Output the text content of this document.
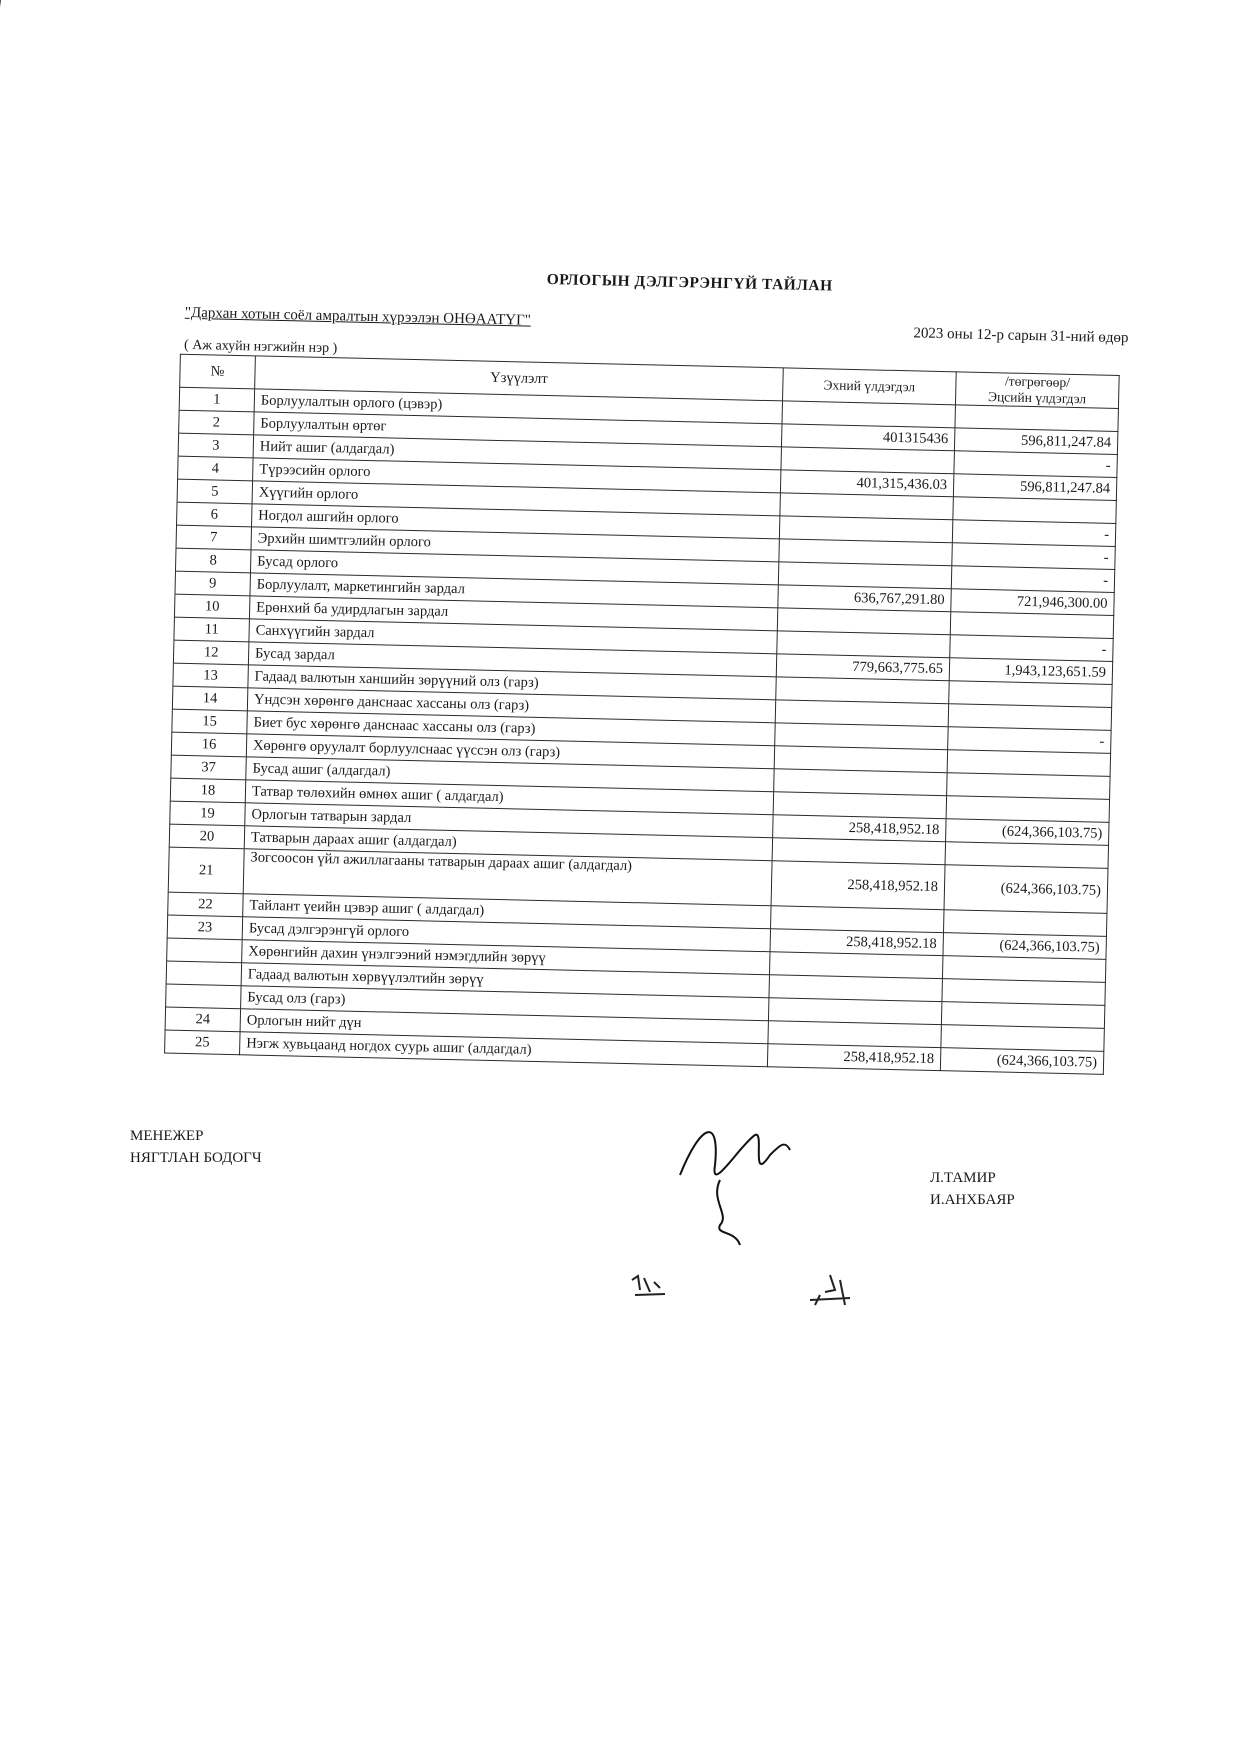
ОРЛОГЫН ДЭЛГЭРЭНГҮЙ ТАЙЛАН
"Дархан хотын соёл амралтын хүрээлэн ОНӨААТҮГ"
2023 оны 12-р сарын 31-ний өдөр
( Аж ахуйн нэгжийн нэр )
№	Үзүүлэлт	Эхний үлдэгдэл	/төгрөгөөр/
Эцсийн үлдэгдэл

1	Борлуулалтын орлого (цэвэр)		
2	Борлуулалтын өртөг	401315436	596,811,247.84
3	Нийт ашиг (алдагдал)		-
4	Түрээсийн орлого	401,315,436.03	596,811,247.84
5	Хүүгийн орлого		
6	Ногдол ашгийн орлого		-
7	Эрхийн шимтгэлийн орлого		-
8	Бусад орлого		-
9	Борлуулалт, маркетингийн зардал	636,767,291.80	721,946,300.00
10	Ерөнхий ба удирдлагын зардал		
11	Санхүүгийн зардал		-
12	Бусад зардал	779,663,775.65	1,943,123,651.59
13	Гадаад валютын ханшийн зөрүүний олз (гарз)		
14	Үндсэн хөрөнгө данснаас хассаны олз (гарз)		
15	Биет бус хөрөнгө данснаас хассаны олз (гарз)		-
16	Хөрөнгө оруулалт борлуулснаас үүссэн олз (гарз)		
37	Бусад ашиг (алдагдал)		
18	Татвар төлөхийн өмнөх ашиг ( алдагдал)		
19	Орлогын татварын зардал	258,418,952.18	(624,366,103.75)
20	Татварын дараах ашиг (алдагдал)		
21	Зогсоосон үйл ажиллагааны татварын дараах ашиг (алдагдал)	258,418,952.18	(624,366,103.75)
22	Тайлант үеийн цэвэр ашиг ( алдагдал)		
23	Бусад дэлгэрэнгүй орлого	258,418,952.18	(624,366,103.75)
	Хөрөнгийн дахин үнэлгээний нэмэгдлийн зөрүү		
	Гадаад валютын хөрвүүлэлтийн зөрүү		
	Бусад олз (гарз)		
24	Орлогын нийт дүн		
25	Нэгж хувьцаанд ногдох суурь ашиг (алдагдал)	258,418,952.18	(624,366,103.75)
МЕНЕЖЕР
НЯГТЛАН БОДОГЧ
Л.ТАМИР
И.АНХБАЯР
